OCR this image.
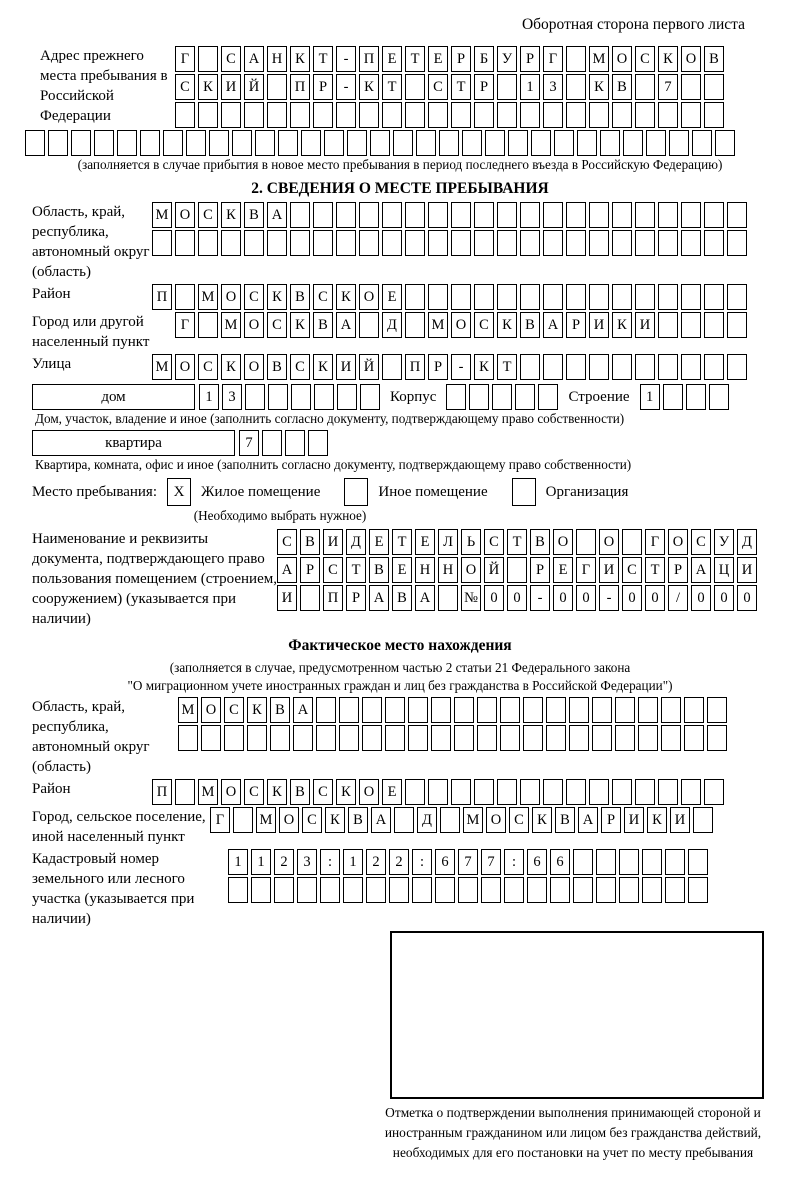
Оборотная сторона первого листа
Адрес прежнего места пребывания в Российской Федерации
Г	С А Н К Т	-	П Е Т Е	Р	Б У Р	Г	М О С К О В
С К И Й	П Р	-	К Т	С Т	Р	1	3	К В	7
(заполняется в случае прибытия в новое место пребывания в период последнего въезда в Российскую Федерацию)
2. СВЕДЕНИЯ О МЕСТЕ ПРЕБЫВАНИЯ
Область, край, республика, автономный округ (область)
М О С К В А
Район	П	М О С К В С К О Е
Город или другой населенный пункт
Г	М О С К В А	Д	М О С К В А Р И К И
Улица	М О С К О В С К И Й	П Р	-	К Т
дом	1	3	Корпус	Строение	1
Дом, участок, владение и иное (заполнить согласно документу, подтверждающему право собственности)
квартира	7
Квартира, комната, офис и иное (заполнить согласно документу, подтверждающему право собственности)
Место пребывания:	X	Жилое помещение	Иное помещение	Организация
(Необходимо выбрать нужное)
Наименование и реквизиты документа, подтверждающего право пользования помещением (строением, сооружением) (указывается при наличии)
С В И Д Е Т Е Л Ь С Т В О	О	Г О С У Д
А Р С Т В Е Н Н О Й	Р	Е Г И С Т	Р А Ц И
И	П Р А В А	№ 0	0	-	0	0	-	0	0	/	0	0	0
Фактическое место нахождения
(заполняется в случае, предусмотренном частью 2 статьи 21 Федерального закона
"О миграционном учете иностранных граждан и лиц без гражданства в Российской Федерации")
Область, край, республика, автономный округ (область)
М О С К В А
Район	П	М О С К В С К О Е
Город, сельское поселение, иной населенный пункт
Г	М О С К В А	Д	М О С К В А Р И К И
Кадастровый номер земельного или лесного участка (указывается при наличии)
1	1	2	3	:	1	2	2	:	6	7	7	:	6	6
Отметка о подтверждении выполнения принимающей стороной и иностранным гражданином или лицом без гражданства действий, необходимых для его постановки на учет по месту пребывания
